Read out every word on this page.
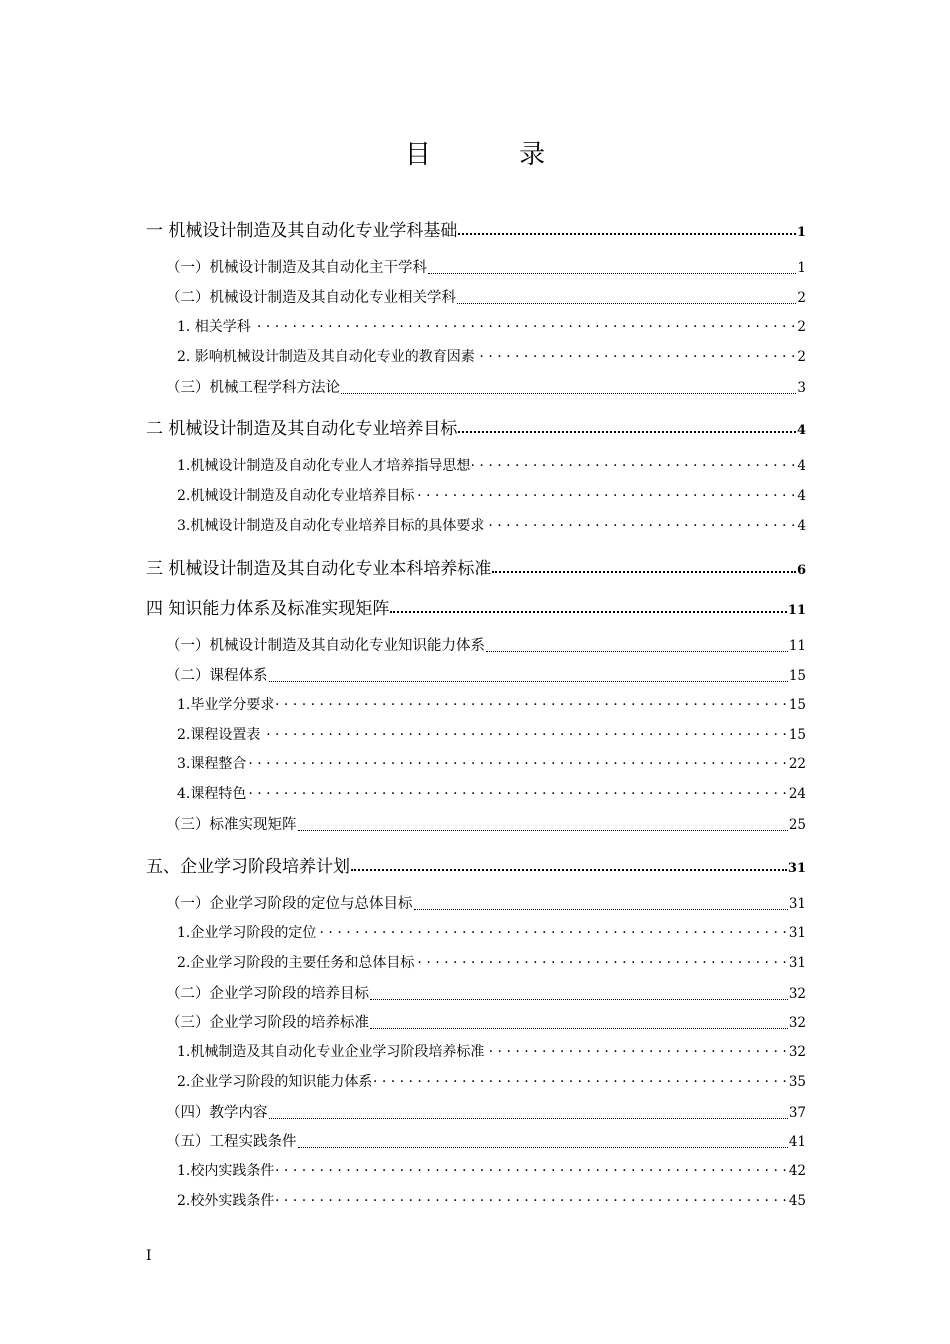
目 录
一 机械设计制造及其自动化专业学科基础	1
（一）机械设计制造及其自动化主干学科	1
（二）机械设计制造及其自动化专业相关学科	2
1. 相关学科 . . .	2
2. 影响机械设计制造及其自动化专业的教育因素 . . .	2
（三）机械工程学科方法论	3
二 机械设计制造及其自动化专业培养目标	4
1.机械设计制造及自动化专业人才培养指导思想 . . .	4
2.机械设计制造及自动化专业培养目标 . . .	4
3.机械设计制造及自动化专业培养目标的具体要求 . . .	4
三 机械设计制造及其自动化专业本科培养标准	6
四 知识能力体系及标准实现矩阵	11
（一）机械设计制造及其自动化专业知识能力体系	11
（二）课程体系	15
1.毕业学分要求 . . .	15
2.课程设置表 . . .	15
3.课程整合 . . .	22
4.课程特色 . . .	24
（三）标准实现矩阵	25
五、企业学习阶段培养计划	31
（一）企业学习阶段的定位与总体目标	31
1.企业学习阶段的定位 . . .	31
2.企业学习阶段的主要任务和总体目标 . . .	31
（二）企业学习阶段的培养目标	32
（三）企业学习阶段的培养标准	32
1.机械制造及其自动化专业企业学习阶段培养标准 . . .	32
2.企业学习阶段的知识能力体系 . . .	35
（四）教学内容	37
（五）工程实践条件	41
1.校内实践条件 . . .	42
2.校外实践条件 . . .	45
I
